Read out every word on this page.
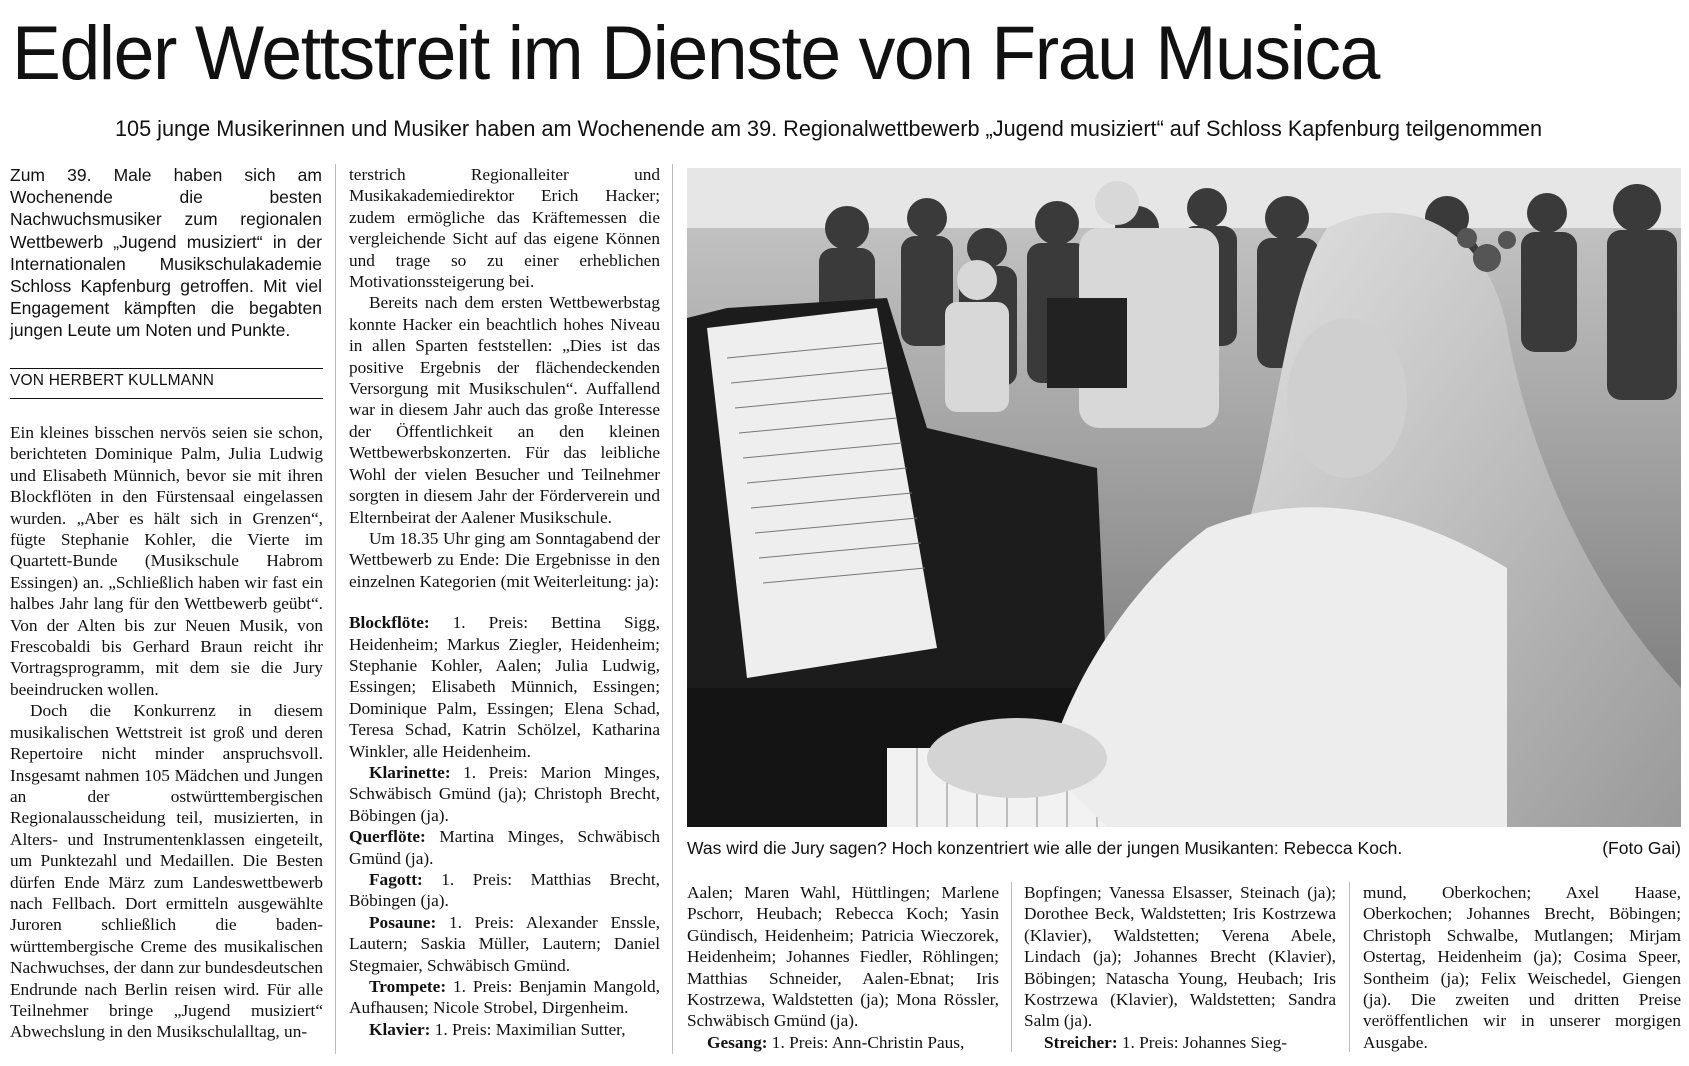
Edler Wettstreit im Dienste von Frau Musica
105 junge Musikerinnen und Musiker haben am Wochenende am 39. Regionalwettbewerb „Jugend musiziert“ auf Schloss Kapfenburg teilgenommen
Zum 39. Male haben sich am Wochenende die besten Nachwuchsmusiker zum regionalen Wettbewerb „Jugend musiziert“ in der Internationalen Musikschulakademie Schloss Kapfenburg getroffen. Mit viel Engagement kämpften die begabten jungen Leute um Noten und Punkte.
VON HERBERT KULLMANN

Ein kleines bisschen nervös seien sie schon, berichteten Dominique Palm, Julia Ludwig und Elisabeth Münnich, bevor sie mit ihren Blockflöten in den Fürstensaal eingelassen wurden. „Aber es hält sich in Grenzen“, fügte Stephanie Kohler, die Vierte im Quartett-Bunde (Musikschule Habrom Essingen) an. „Schließlich haben wir fast ein halbes Jahr lang für den Wettbewerb geübt“. Von der Alten bis zur Neuen Musik, von Frescobaldi bis Gerhard Braun reicht ihr Vortragsprogramm, mit dem sie die Jury beeindrucken wollen.

Doch die Konkurrenz in diesem musikalischen Wettstreit ist groß und deren Repertoire nicht minder anspruchsvoll. Insgesamt nahmen 105 Mädchen und Jungen an der ostwürttembergischen Regionalausscheidung teil, musizierten, in Alters- und Instrumentenklassen eingeteilt, um Punktezahl und Medaillen. Die Besten dürfen Ende März zum Landeswettbewerb nach Fellbach. Dort ermitteln ausgewählte Juroren schließlich die baden-württembergische Creme des musikalischen Nachwuchses, der dann zur bundesdeutschen Endrunde nach Berlin reisen wird. Für alle Teilnehmer bringe „Jugend musiziert“ Abwechslung in den Musikschulalltag, un-

terstrich Regionalleiter und Musikakademiedirektor Erich Hacker; zudem ermögliche das Kräftemessen die vergleichende Sicht auf das eigene Können und trage so zu einer erheblichen Motivationssteigerung bei.

Bereits nach dem ersten Wettbewerbstag konnte Hacker ein beachtlich hohes Niveau in allen Sparten feststellen: „Dies ist das positive Ergebnis der flächendeckenden Versorgung mit Musikschulen“. Auffallend war in diesem Jahr auch das große Interesse der Öffentlichkeit an den kleinen Wettbewerbskonzerten. Für das leibliche Wohl der vielen Besucher und Teilnehmer sorgten in diesem Jahr der Förderverein und Elternbeirat der Aalener Musikschule.

Um 18.35 Uhr ging am Sonntagabend der Wettbewerb zu Ende: Die Ergebnisse in den einzelnen Kategorien (mit Weiterleitung: ja):

Blockflöte: 1. Preis: Bettina Sigg, Heidenheim; Markus Ziegler, Heidenheim; Stephanie Kohler, Aalen; Julia Ludwig, Essingen; Elisabeth Münnich, Essingen; Dominique Palm, Essingen; Elena Schad, Teresa Schad, Katrin Schölzel, Katharina Winkler, alle Heidenheim.

Klarinette: 1. Preis: Marion Minges, Schwäbisch Gmünd (ja); Christoph Brecht, Böbingen (ja).

Querflöte: Martina Minges, Schwäbisch Gmünd (ja).

Fagott: 1. Preis: Matthias Brecht, Böbingen (ja).

Posaune: 1. Preis: Alexander Enssle, Lautern; Saskia Müller, Lautern; Daniel Stegmaier, Schwäbisch Gmünd.

Trompete: 1. Preis: Benjamin Mangold, Aufhausen; Nicole Strobel, Dirgenheim.

Klavier: 1. Preis: Maximilian Sutter,

Was wird die Jury sagen? Hoch konzentriert wie alle der jungen Musikanten: Rebecca Koch.	(Foto Gai)

Aalen; Maren Wahl, Hüttlingen; Marlene Pschorr, Heubach; Rebecca Koch; Yasin Gündisch, Heidenheim; Patricia Wieczorek, Heidenheim; Johannes Fiedler, Röhlingen; Matthias Schneider, Aalen-Ebnat; Iris Kostrzewa, Waldstetten (ja); Mona Rössler, Schwäbisch Gmünd (ja).

Gesang: 1. Preis: Ann-Christin Paus,

Bopfingen; Vanessa Elsasser, Steinach (ja); Dorothee Beck, Waldstetten; Iris Kostrzewa (Klavier), Waldstetten; Verena Abele, Lindach (ja); Johannes Brecht (Klavier), Böbingen; Natascha Young, Heubach; Iris Kostrzewa (Klavier), Waldstetten; Sandra Salm (ja).

Streicher: 1. Preis: Johannes Sieg-

mund, Oberkochen; Axel Haase, Oberkochen; Johannes Brecht, Böbingen; Christoph Schwalbe, Mutlangen; Mirjam Ostertag, Heidenheim (ja); Cosima Speer, Sontheim (ja); Felix Weischedel, Giengen (ja). Die zweiten und dritten Preise veröffentlichen wir in unserer morgigen Ausgabe.
